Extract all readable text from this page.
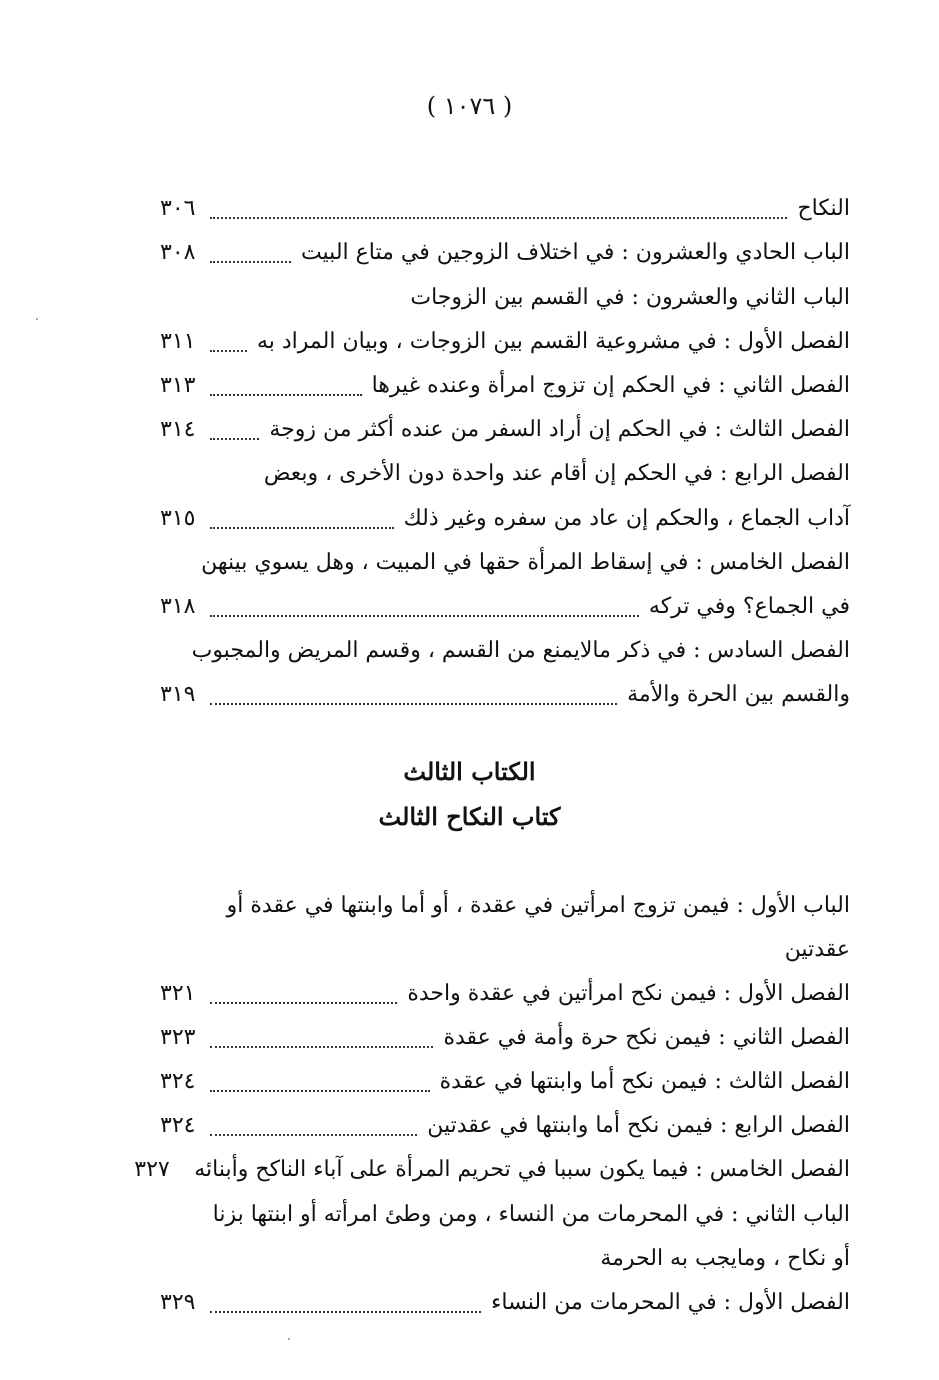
( ١٠٧٦ )
النكاح
٣٠٦
الباب الحادي والعشرون : في اختلاف الزوجين في متاع البيت
٣٠٨
الباب الثاني والعشرون : في القسم بين الزوجات
الفصل الأول : في مشروعية القسم بين الزوجات ، وبيان المراد به
٣١١
الفصل الثاني : في الحكم إن تزوج امرأة وعنده غيرها
٣١٣
الفصل الثالث : في الحكم إن أراد السفر من عنده أكثر من زوجة
٣١٤
الفصل الرابع : في الحكم إن أقام عند واحدة دون الأخرى ، وبعض
آداب الجماع ، والحكم إن عاد من سفره وغير ذلك
٣١٥
الفصل الخامس : في إسقاط المرأة حقها في المبيت ، وهل يسوي بينهن
في الجماع؟ وفي تركه
٣١٨
الفصل السادس : في ذكر مالايمنع من القسم ، وقسم المريض والمجبوب
والقسم بين الحرة والأمة
٣١٩
الكتاب الثالث
كتاب النكاح الثالث
الباب الأول : فيمن تزوج امرأتين في عقدة ، أو أما وابنتها في عقدة أو
عقدتين
الفصل الأول : فيمن نكح امرأتين في عقدة واحدة
٣٢١
الفصل الثاني : فيمن نكح حرة وأمة في عقدة
٣٢٣
الفصل الثالث : فيمن نكح أما وابنتها في عقدة
٣٢٤
الفصل الرابع : فيمن نكح أما وابنتها في عقدتين
٣٢٤
الفصل الخامس : فيما يكون سببا في تحريم المرأة على آباء الناكح وأبنائه
٣٢٧
الباب الثاني : في المحرمات من النساء ، ومن وطئ امرأته أو ابنتها بزنا
أو نكاح ، ومايجب به الحرمة
الفصل الأول : في المحرمات من النساء
٣٢٩
